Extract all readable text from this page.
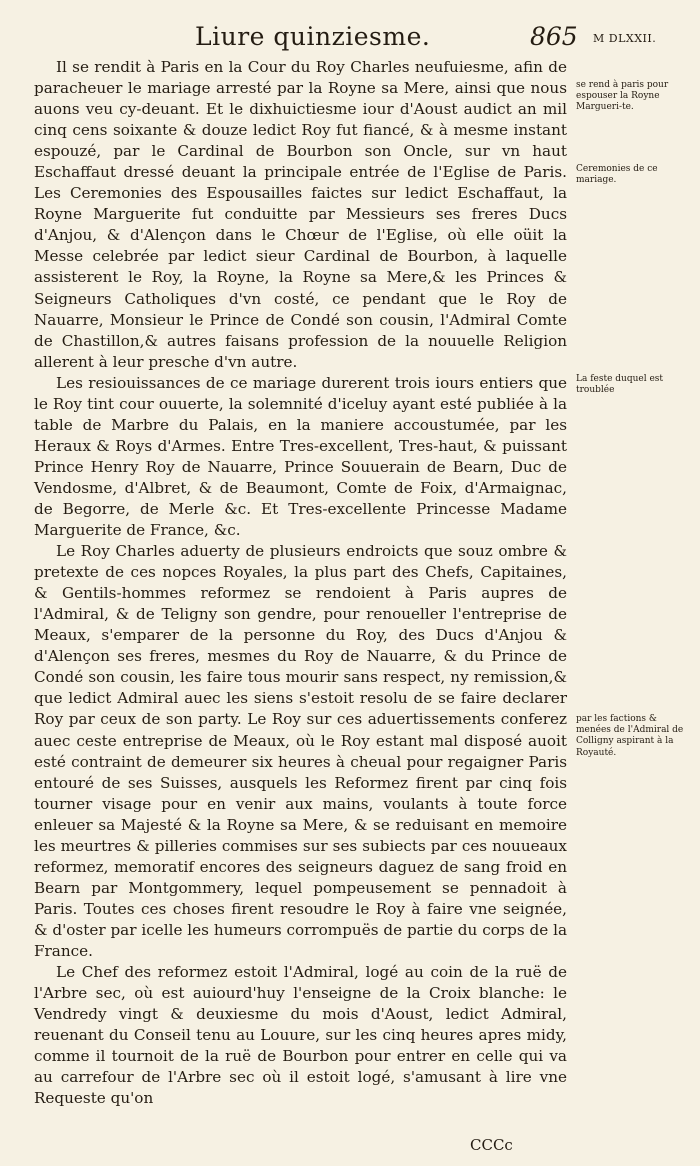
Liure quinziesme.	865 M DLXXII.

Il se rendit à Paris en la Cour du Roy Charles neufuiesme, afin de paracheuer le mariage arresté par la Royne sa Mere, ainsi que nous auons veu cy-deuant. Et le dixhuictiesme iour d'Aoust audict an mil cinq cens soixante & douze ledict Roy fut fiancé, & à mesme instant espouzé, par le Cardinal de Bourbon son Oncle, sur vn haut Eschaffaut dressé deuant la principale entrée de l'Eglise de Paris. Les Ceremonies des Espousailles faictes sur ledict Eschaffaut, la Royne Marguerite fut conduitte par Messieurs ses freres Ducs d'Anjou, & d'Alençon dans le Chœur de l'Eglise, où elle oüit la Messe celebrée par ledict sieur Cardinal de Bourbon, à laquelle assisterent le Roy, la Royne, la Royne sa Mere,& les Princes & Seigneurs Catholiques d'vn costé, ce pendant que le Roy de Nauarre, Monsieur le Prince de Condé son cousin, l'Admiral Comte de Chastillon,& autres faisans profession de la nouuelle Religion allerent à leur presche d'vn autre.

Les resiouissances de ce mariage durerent trois iours entiers que le Roy tint cour ouuerte, la solemnité d'iceluy ayant esté publiée à la table de Marbre du Palais, en la maniere accoustumée, par les Heraux & Roys d'Armes. Entre Tres-excellent, Tres-haut, & puissant Prince Henry Roy de Nauarre, Prince Souuerain de Bearn, Duc de Vendosme, d'Albret, & de Beaumont, Comte de Foix, d'Armaignac, de Begorre, de Merle &c. Et Tres-excellente Princesse Madame Marguerite de France, &c.

Le Roy Charles aduerty de plusieurs endroicts que souz ombre & pretexte de ces nopces Royales, la plus part des Chefs, Capitaines, & Gentils-hommes reformez se rendoient à Paris aupres de l'Admiral, & de Teligny son gendre, pour renoueller l'entreprise de Meaux, s'emparer de la personne du Roy, des Ducs d'Anjou & d'Alençon ses freres, mesmes du Roy de Nauarre, & du Prince de Condé son cousin, les faire tous mourir sans respect, ny remission,& que ledict Admiral auec les siens s'estoit resolu de se faire declarer Roy par ceux de son party. Le Roy sur ces aduertissements conferez auec ceste entreprise de Meaux, où le Roy estant mal disposé auoit esté contraint de demeurer six heures à cheual pour regaigner Paris entouré de ses Suisses, ausquels les Reformez firent par cinq fois tourner visage pour en venir aux mains, voulants à toute force enleuer sa Majesté & la Royne sa Mere, & se reduisant en memoire les meurtres & pilleries commises sur ses subiects par ces nouueaux reformez, memoratif encores des seigneurs daguez de sang froid en Bearn par Montgommery, lequel pompeusement se pennadoit à Paris. Toutes ces choses firent resoudre le Roy à faire vne seignée, & d'oster par icelle les humeurs corrompuës de partie du corps de la France.

Le Chef des reformez estoit l'Admiral, logé au coin de la ruë de l'Arbre sec, où est auiourd'huy l'enseigne de la Croix blanche: le Vendredy vingt & deuxiesme du mois d'Aoust, ledict Admiral, reuenant du Conseil tenu au Louure, sur les cinq heures apres midy, comme il tournoit de la ruë de Bourbon pour entrer en celle qui va au carrefour de l'Arbre sec où il estoit logé, s'amusant à lire vne Requeste qu'on

se rend à paris pour espouser la Royne Margueri-te.
Ceremonies de ce mariage.
La feste duquel est troublée
par les factions & menées de l'Admiral de Colligny aspirant à la Royauté.
CCCc
